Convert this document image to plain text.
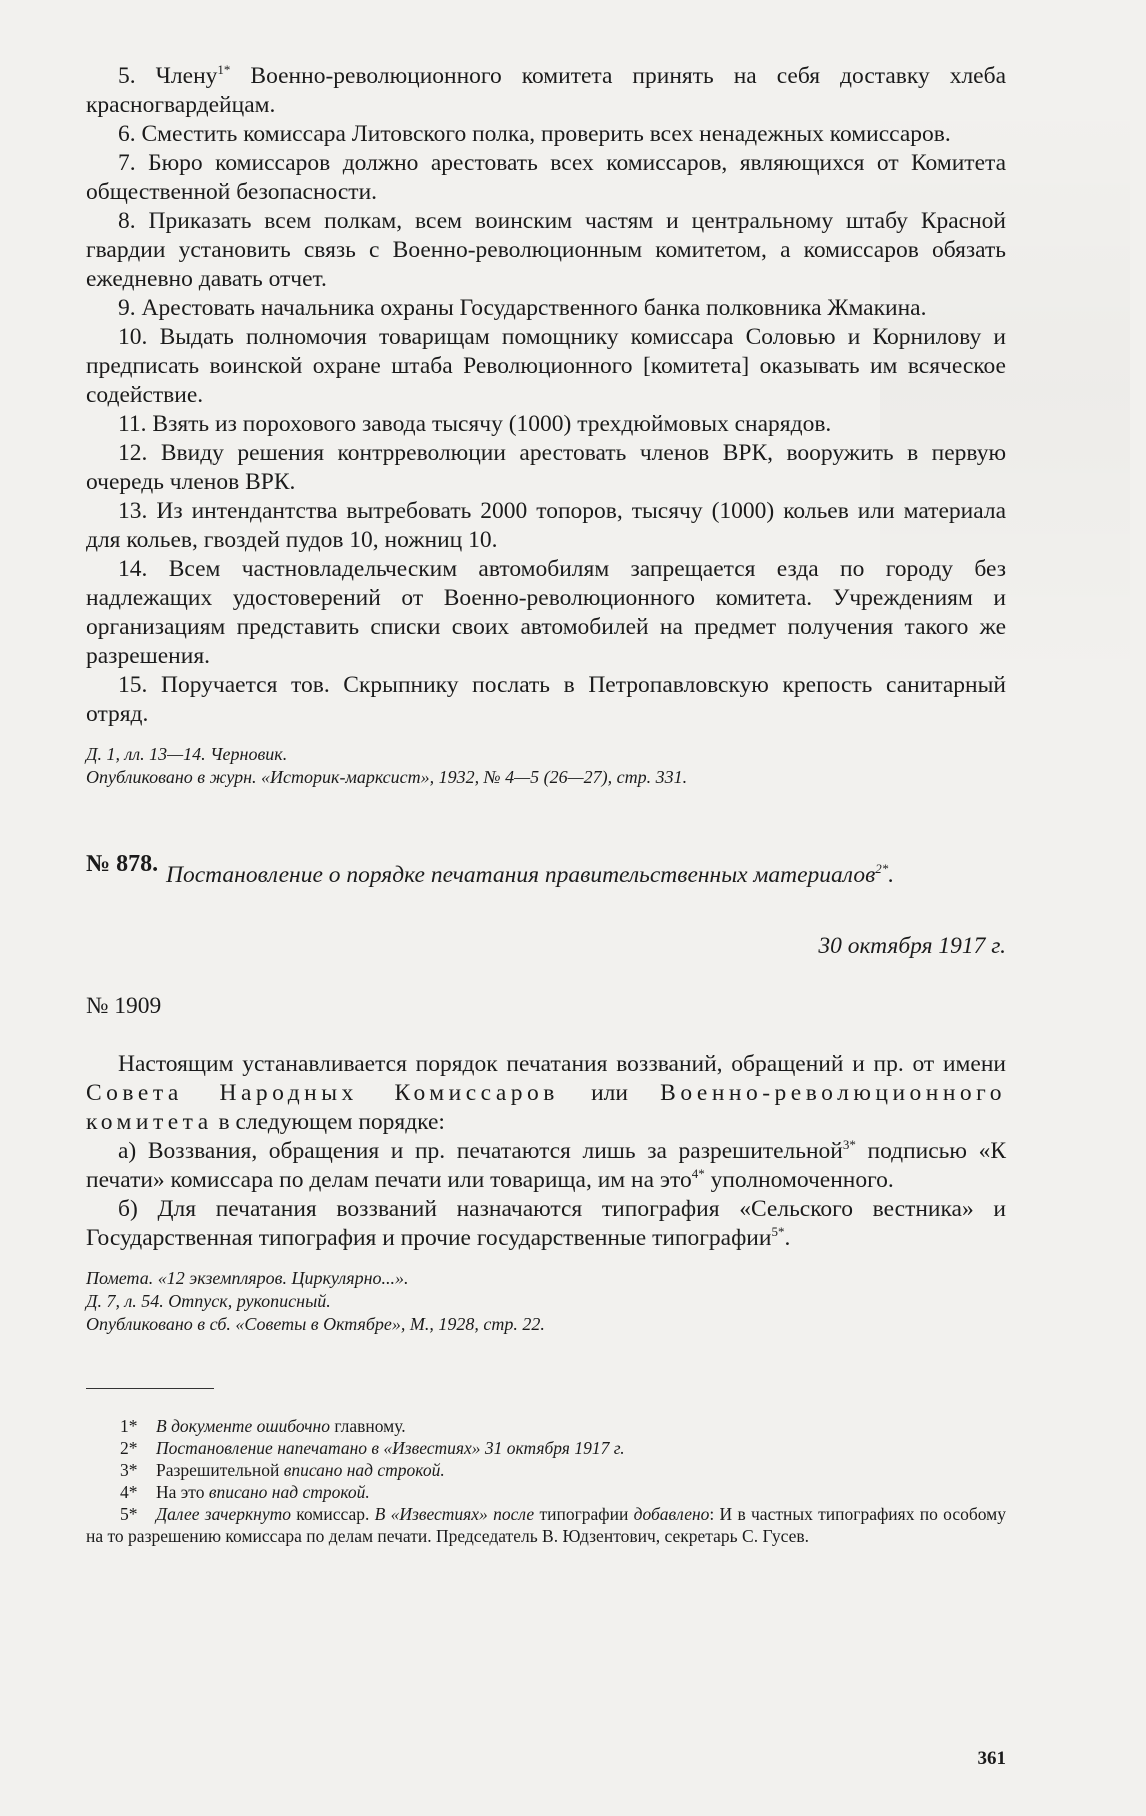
5. Члену$^{1*}$ Военно-революционного комитета принять на себя доставку хлеба красногвардейцам.

6. Сместить комиссара Литовского полка, проверить всех ненадежных комиссаров.

7. Бюро комиссаров должно арестовать всех комиссаров, являющихся от Комитета общественной безопасности.

8. Приказать всем полкам, всем воинским частям и центральному штабу Красной гвардии установить связь с Военно-революционным комитетом, а комиссаров обязать ежедневно давать отчет.

9. Арестовать начальника охраны Государственного банка полковника Жмакина.

10. Выдать полномочия товарищам помощнику комиссара Соловью и Корнилову и предписать воинской охране штаба Революционного [комитета] оказывать им всяческое содействие.

11. Взять из порохового завода тысячу (1000) трехдюймовых снарядов.

12. Ввиду решения контрреволюции арестовать членов ВРК, вооружить в первую очередь членов ВРК.

13. Из интендантства вытребовать 2000 топоров, тысячу (1000) кольев или материала для кольев, гвоздей пудов 10, ножниц 10.

14. Всем частновладельческим автомобилям запрещается езда по городу без надлежащих удостоверений от Военно-революционного комитета. Учреждениям и организациям представить списки своих автомобилей на предмет получения такого же разрешения.

15. Поручается тов. Скрыпнику послать в Петропавловскую крепость санитарный отряд.

Д. 1, лл. 13—14. Черновик.

Опубликовано в журн. «Историк-марксист», 1932, № 4—5 (26—27), стр. 331.

№ 878. Постановление о порядке печатания правительственных материалов$^{2*}$.

30 октября 1917 г.

№ 1909

Настоящим устанавливается порядок печатания воззваний, обращений и пр. от имени Совета Народных Комиссаров или Военно-революционного комитета в следующем порядке:

а) Воззвания, обращения и пр. печатаются лишь за разрешительной$^{3*}$ подписью «К печати» комиссара по делам печати или товарища, им на это$^{4*}$ уполномоченного.

б) Для печатания воззваний назначаются типография «Сельского вестника» и Государственная типография и прочие государственные типографии$^{5*}$.

Помета. «12 экземпляров. Циркулярно...».

Д. 7, л. 54. Отпуск, рукописный.

Опубликовано в сб. «Советы в Октябре», М., 1928, стр. 22.

1* В документе ошибочно главному.

2* Постановление напечатано в «Известиях» 31 октября 1917 г.

3* Разрешительной вписано над строкой.

4* На это вписано над строкой.

5* Далее зачеркнуто комиссар. В «Известиях» после типографии добавлено: И в частных типографиях по особому на то разрешению комиссара по делам печати. Председатель В. Юдзентович, секретарь С. Гусев.

361
